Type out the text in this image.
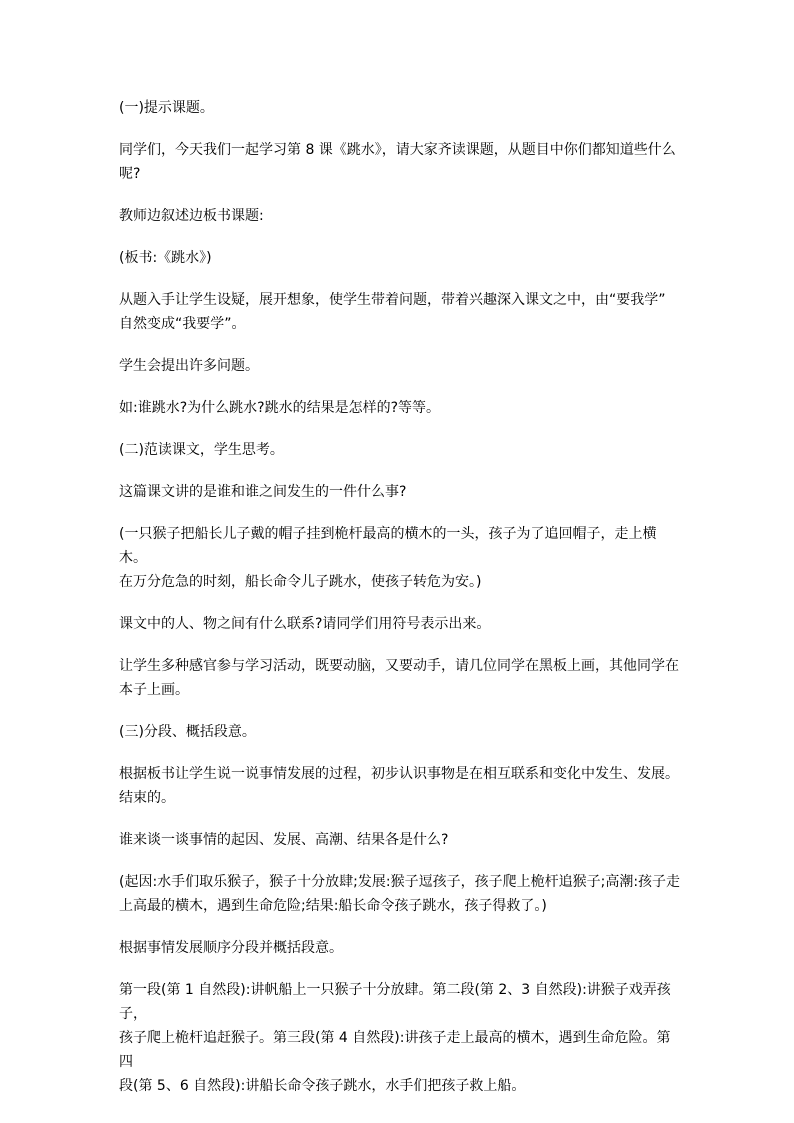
(一)提示课题。

同学们，今天我们一起学习第 8 课《跳水》，请大家齐读课题，从题目中你们都知道些什么
呢?

教师边叙述边板书课题:

(板书:《跳水》)

从题入手让学生设疑，展开想象，使学生带着问题，带着兴趣深入课文之中，由“要我学”
自然变成“我要学”。

学生会提出许多问题。

如:谁跳水?为什么跳水?跳水的结果是怎样的?等等。

(二)范读课文，学生思考。

这篇课文讲的是谁和谁之间发生的一件什么事?

(一只猴子把船长儿子戴的帽子挂到桅杆最高的横木的一头，孩子为了追回帽子，走上横木。
在万分危急的时刻，船长命令儿子跳水，使孩子转危为安。)

课文中的人、物之间有什么联系?请同学们用符号表示出来。

让学生多种感官参与学习活动，既要动脑，又要动手，请几位同学在黑板上画，其他同学在
本子上画。

(三)分段、概括段意。

根据板书让学生说一说事情发展的过程，初步认识事物是在相互联系和变化中发生、发展。
结束的。

谁来谈一谈事情的起因、发展、高潮、结果各是什么?

(起因:水手们取乐猴子，猴子十分放肆;发展:猴子逗孩子，孩子爬上桅杆追猴子;高潮:孩子走
上高最的横木，遇到生命危险;结果:船长命令孩子跳水，孩子得救了。)

根据事情发展顺序分段并概括段意。

第一段(第 1 自然段):讲帆船上一只猴子十分放肆。第二段(第 2、3 自然段):讲猴子戏弄孩子，
孩子爬上桅杆追赶猴子。第三段(第 4 自然段):讲孩子走上最高的横木，遇到生命危险。第四
段(第 5、6 自然段):讲船长命令孩子跳水，水手们把孩子救上船。
